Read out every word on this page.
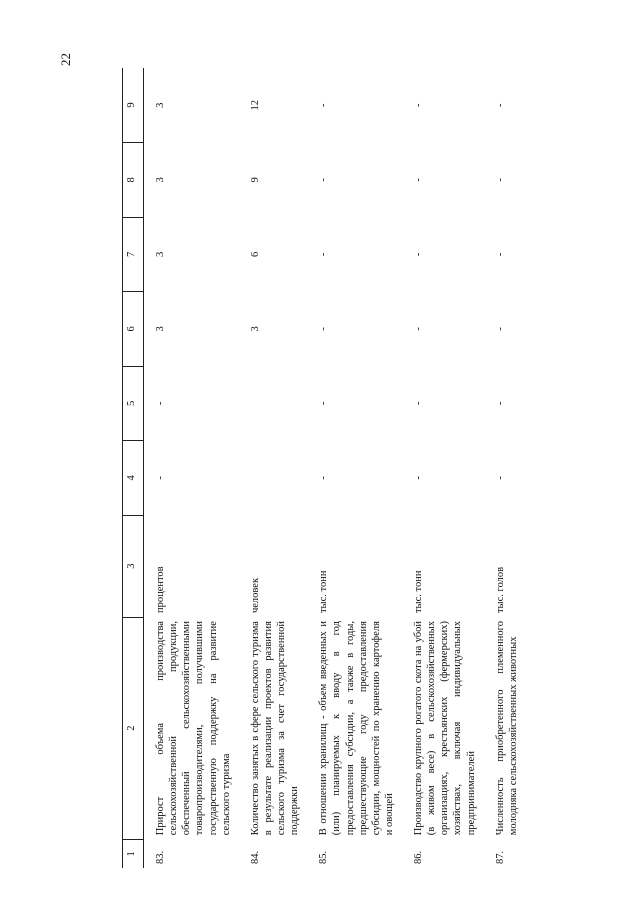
22
1	2	3	4	5	6	7	8	9
83.	Прирост объема производства сельскохозяйственной продукции, обеспеченный сельскохозяйственными товаропроизводителями, получившими государственную поддержку на развитие сельского туризма	процентов	-	-	3	3	3	3
84.	Количество занятых в сфере сельского туризма в результате реализации проектов развития сельского туризма за счет государственной поддержки	человек			3	6	9	12
85.	В отношении хранилищ - объем введенных и (или) планируемых к вводу в год предоставления субсидии, а также в годы, предшествующие году предоставления субсидии, мощностей по хранению картофеля и овощей	тыс. тонн	-	-	-	-	-	-
86.	Производство крупного рогатого скота на убой (в живом весе) в сельскохозяйственных организациях, крестьянских (фермерских) хозяйствах, включая индивидуальных предпринимателей	тыс. тонн	-	-	-	-	-	-
87.	Численность приобретенного племенного молодняка сельскохозяйственных животных	тыс. голов	-	-	-	-	-	-
